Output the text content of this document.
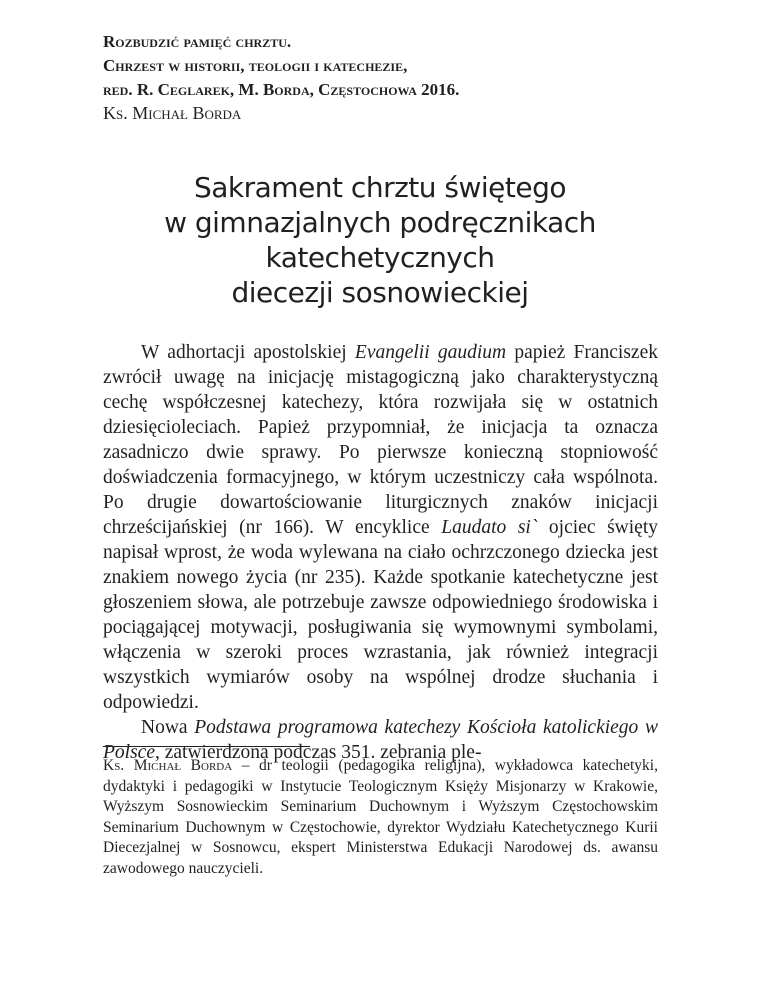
Rozbudzić pamięć chrztu.
Chrzest w historii, teologii i katechezie,
red. R. Ceglarek, M. Borda, Częstochowa 2016.
Ks. Michał Borda
Sakrament chrztu świętego
w gimnazjalnych podręcznikach
katechetycznych
diecezji sosnowieckiej

W adhortacji apostolskiej Evangelii gaudium papież Franciszek zwrócił uwagę na inicjację mistagogiczną jako charakterystyczną cechę współczesnej katechezy, która rozwijała się w ostatnich dziesięcioleciach. Papież przypomniał, że inicjacja ta oznacza zasadniczo dwie sprawy. Po pierwsze konieczną stopniowość doświadczenia formacyjnego, w którym uczestniczy cała wspólnota. Po drugie dowartościowanie liturgicznych znaków inicjacji chrześcijańskiej (nr 166). W encyklice Laudato si` ojciec święty napisał wprost, że woda wylewana na ciało ochrzczonego dziecka jest znakiem nowego życia (nr 235). Każde spotkanie katechetyczne jest głoszeniem słowa, ale potrzebuje zawsze odpowiedniego środowiska i pociągającej motywacji, posługiwania się wymownymi symbolami, włączenia w szeroki proces wzrastania, jak również integracji wszystkich wymiarów osoby na wspólnej drodze słuchania i odpowiedzi.

Nowa Podstawa programowa katechezy Kościoła katolickiego w Polsce, zatwierdzona podczas 351. zebrania ple-

Ks. Michał Borda – dr teologii (pedagogika religijna), wykładowca katechetyki, dydaktyki i pedagogiki w Instytucie Teologicznym Księży Misjonarzy w Krakowie, Wyższym Sosnowieckim Seminarium Duchownym i Wyższym Częstochowskim Seminarium Duchownym w Częstochowie, dyrektor Wydziału Katechetycznego Kurii Diecezjalnej w Sosnowcu, ekspert Ministerstwa Edukacji Narodowej ds. awansu zawodowego nauczycieli.
